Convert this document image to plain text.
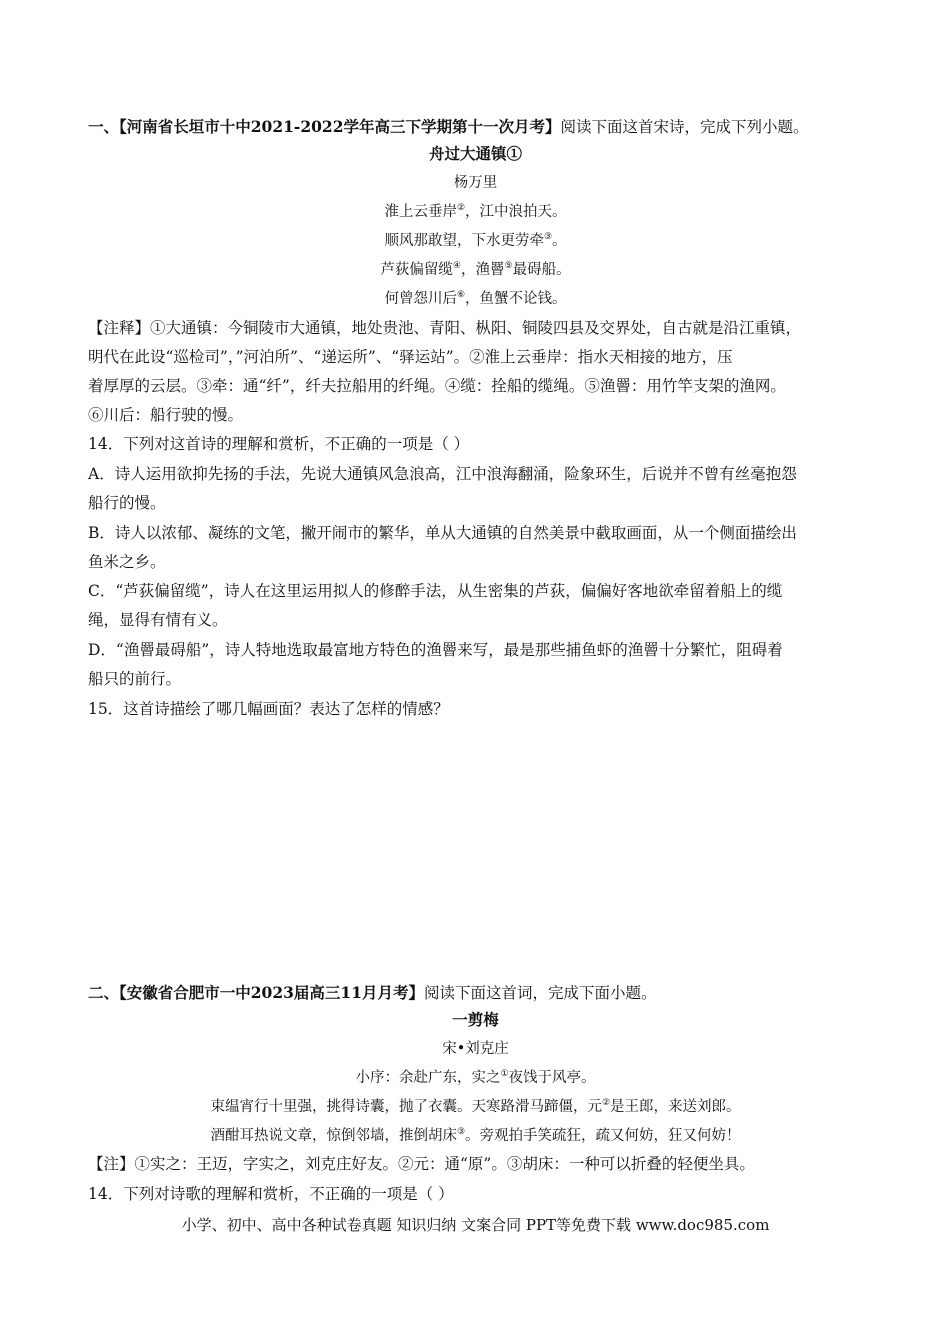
一、【河南省长垣市十中2021-2022学年高三下学期第十一次月考】阅读下面这首宋诗，完成下列小题。
舟过大通镇①
杨万里
淮上云垂岸②，江中浪拍天。
顺风那敢望，下水更劳牵③。
芦荻偏留缆④，渔罾⑤最碍船。
何曾怨川后⑥，鱼蟹不论钱。
【注释】①大通镇：今铜陵市大通镇，地处贵池、青阳、枞阳、铜陵四县及交界处，自古就是沿江重镇，
明代在此设“巡检司”，”河泊所”、“递运所”、“驿运站”。②淮上云垂岸：指水天相接的地方，压
着厚厚的云层。③牵：通“纤”，纤夫拉船用的纤绳。④缆：拴船的缆绳。⑤渔罾：用竹竿支架的渔网。
⑥川后：船行驶的慢。
14．下列对这首诗的理解和赏析，不正确的一项是（ ）
A．诗人运用欲抑先扬的手法，先说大通镇风急浪高，江中浪海翻涌，险象环生，后说并不曾有丝毫抱怨
船行的慢。
B．诗人以浓郁、凝练的文笔，撇开闹市的繁华，单从大通镇的自然美景中截取画面，从一个侧面描绘出
鱼米之乡。
C．“芦荻偏留缆”，诗人在这里运用拟人的修醉手法，从生密集的芦荻，偏偏好客地欲牵留着船上的缆
绳，显得有情有义。
D．“渔罾最碍船”，诗人特地选取最富地方特色的渔罾来写，最是那些捕鱼虾的渔罾十分繁忙，阻碍着
船只的前行。
15．这首诗描绘了哪几幅画面？表达了怎样的情感？
二、【安徽省合肥市一中2023届高三11月月考】阅读下面这首词，完成下面小题。
一剪梅
宋•刘克庄
小序：余赴广东，实之①夜饯于风亭。
束缊宵行十里强，挑得诗囊，抛了衣囊。天寒路滑马蹄僵，元②是王郎，来送刘郎。
酒酣耳热说文章，惊倒邻墙，推倒胡床③。旁观拍手笑疏狂，疏又何妨，狂又何妨！
【注】①实之：王迈，字实之，刘克庄好友。②元：通“原”。③胡床：一种可以折叠的轻便坐具。
14．下列对诗歌的理解和赏析，不正确的一项是（ ）
小学、初中、高中各种试卷真题 知识归纳 文案合同 PPT等免费下载 www.doc985.com
